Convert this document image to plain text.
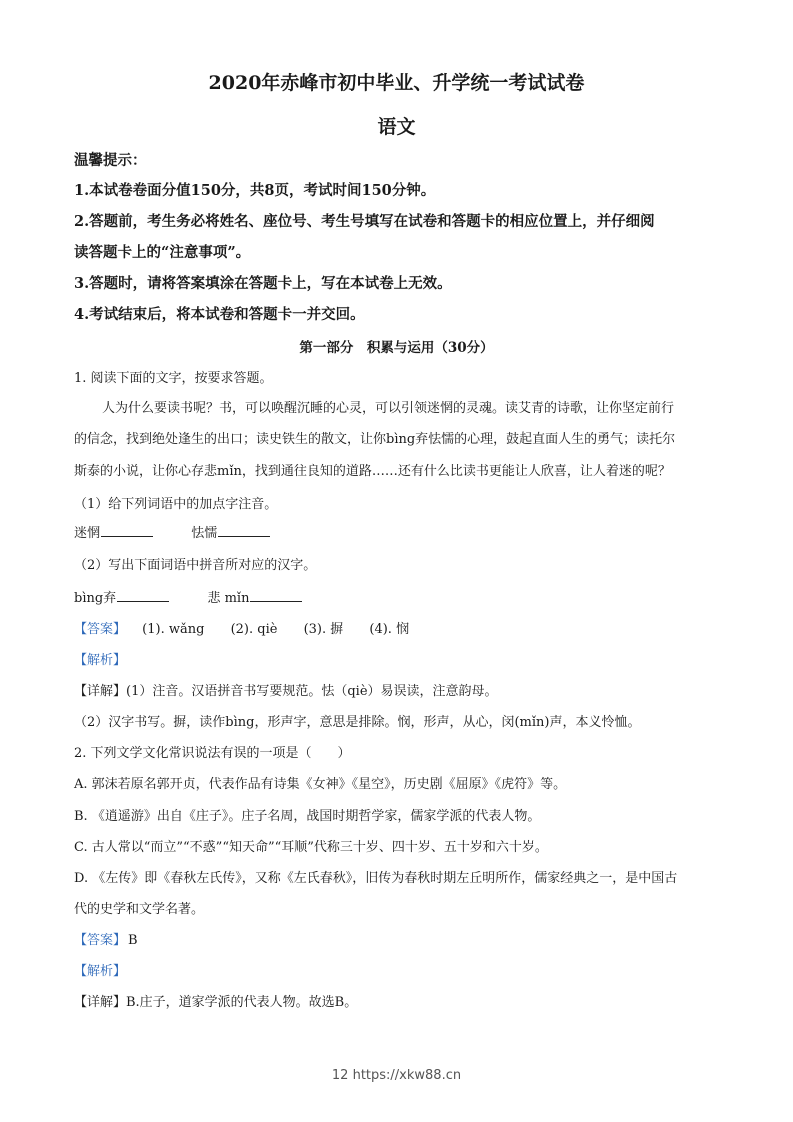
2020年赤峰市初中毕业、升学统一考试试卷
语文
温馨提示：
1.本试卷卷面分值150分，共8页，考试时间150分钟。
2.答题前，考生务必将姓名、座位号、考生号填写在试卷和答题卡的相应位置上，并仔细阅
读答题卡上的“注意事项”。
3.答题时，请将答案填涂在答题卡上，写在本试卷上无效。
4.考试结束后，将本试卷和答题卡一并交回。
第一部分　积累与运用（30分）
1. 阅读下面的文字，按要求答题。
人为什么要读书呢？书，可以唤醒沉睡的心灵，可以引领迷惘的灵魂。读艾青的诗歌，让你坚定前行
的信念，找到绝处逢生的出口；读史铁生的散文，让你bìng弃怯懦的心理，鼓起直面人生的勇气；读托尔
斯泰的小说，让你心存悲mǐn，找到通往良知的道路……还有什么比读书更能让人欣喜，让人着迷的呢？
（1）给下列词语中的加点字注音。
迷惘	怯懦
（2）写出下面词语中拼音所对应的汉字。
bìng弃	悲 mǐn
【答案】 (1). wǎng (2). qiè (3). 摒 (4). 悯
【解析】
【详解】(1）注音。汉语拼音书写要规范。怯（qiè）易误读，注意韵母。
（2）汉字书写。摒，读作bìng，形声字，意思是排除。悯，形声，从心，闵(mǐn)声，本义怜恤。
2. 下列文学文化常识说法有误的一项是（　　）
A. 郭沫若原名郭开贞，代表作品有诗集《女神》《星空》，历史剧《屈原》《虎符》等。
B. 《逍遥游》出自《庄子》。庄子名周，战国时期哲学家，儒家学派的代表人物。
C. 古人常以“而立”“不惑”“知天命”“耳顺”代称三十岁、四十岁、五十岁和六十岁。
D. 《左传》即《春秋左氏传》，又称《左氏春秋》，旧传为春秋时期左丘明所作，儒家经典之一，是中国古
代的史学和文学名著。
【答案】 B
【解析】
【详解】B.庄子，道家学派的代表人物。故选B。
12 https://xkw88.cn
